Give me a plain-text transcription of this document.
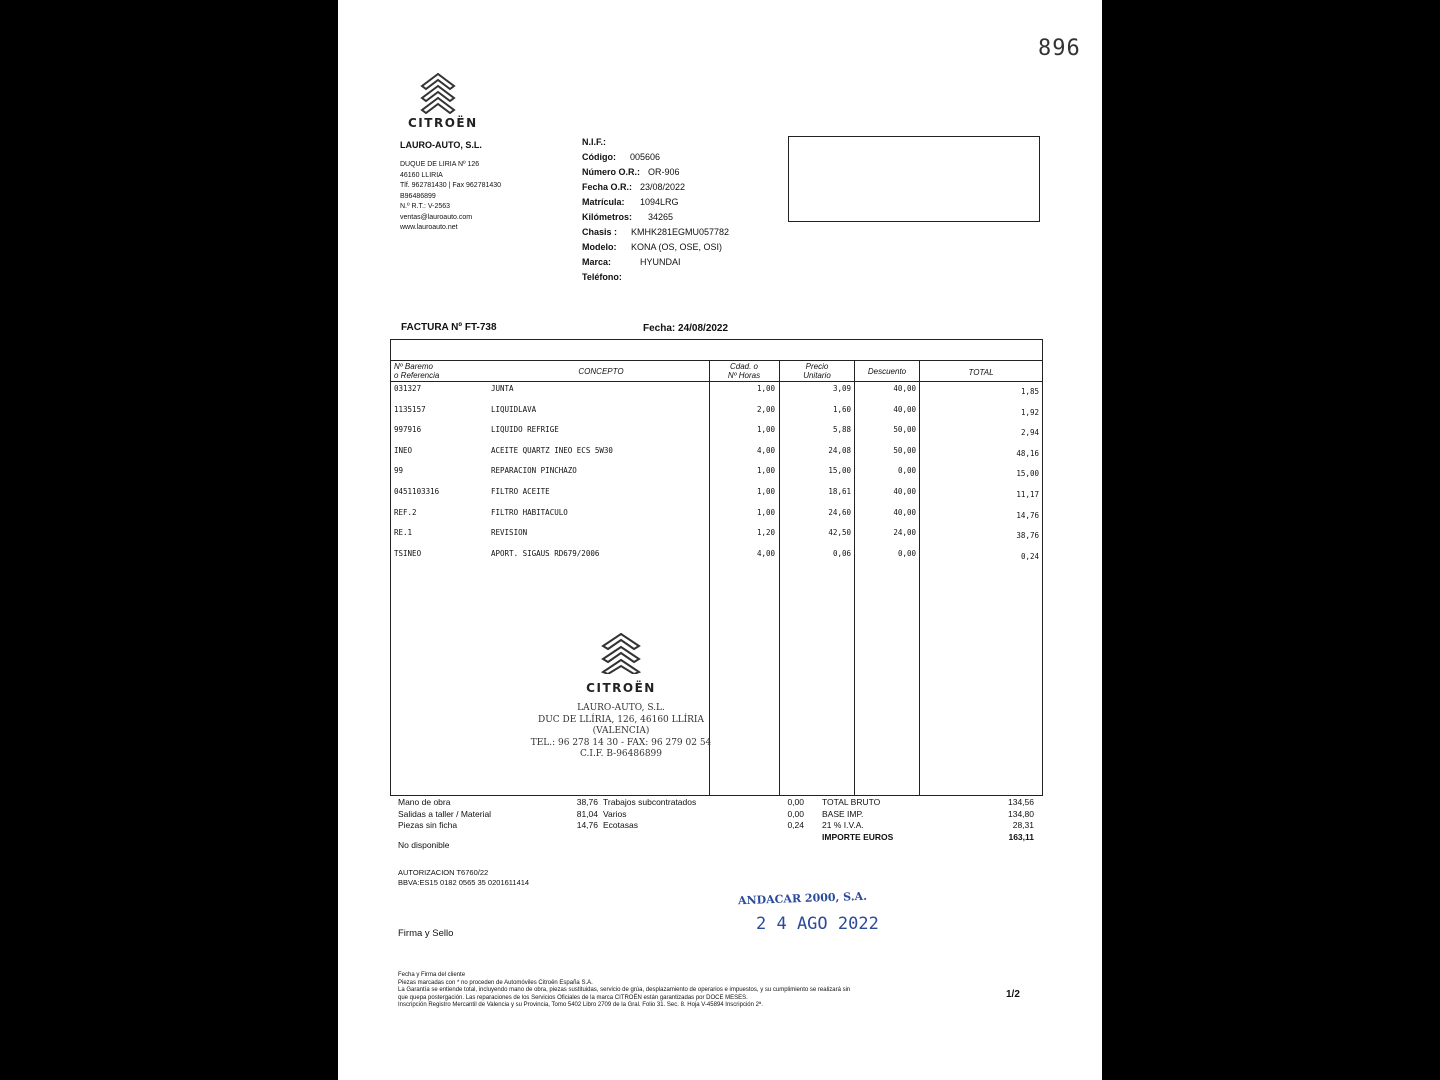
896
CITROËN
LAURO-AUTO, S.L.
DUQUE DE LIRIA Nº 126
46160 LLIRIA
Tlf. 962781430 | Fax 962781430
B96486899
N.º R.T.: V-2563
ventas@lauroauto.com
www.lauroauto.net
N.I.F.:
Código: 005606
Número O.R.: OR-906
Fecha O.R.: 23/08/2022
Matrícula: 1094LRG
Kilómetros: 34265
Chasis : KMHK281EGMU057782
Modelo: KONA (OS, OSE, OSI)
Marca:	HYUNDAI
Teléfono:
FACTURA Nº FT-738	Fecha: 24/08/2022
Nº Baremo
o Referencia	CONCEPTO
Cdad. o
Nº Horas
Precio
Unitario	Descuento	TOTAL
031327	JUNTA	1,00	3,09	40,00	1,85
1135157	LIQUIDLAVA	2,00	1,60	40,00	1,92
997916	LIQUIDO REFRIGE	1,00	5,88	50,00	2,94
INEO	ACEITE QUARTZ INEO ECS 5W30	4,00	24,08	50,00	48,16
99	REPARACION PINCHAZO	1,00	15,00	0,00	15,00
0451103316	FILTRO ACEITE	1,00	18,61	40,00	11,17
REF.2	FILTRO HABITACULO	1,00	24,60	40,00	14,76
RE.1	REVISION	1,20	42,50	24,00	38,76
TSINEO	APORT. SIGAUS RD679/2006	4,00	0,06	0,00	0,24
CITROËN
LAURO-AUTO, S.L.
DUC DE LLÍRIA, 126, 46160 LLÍRIA (VALENCIA)
TEL.: 96 278 14 30 - FAX: 96 279 02 54
C.I.F. B-96486899
Mano de obra	38,76 Trabajos subcontratados	0,00
Salidas a taller / Material	81,04 Varios	0,00
Piezas sin ficha	14,76 Ecotasas	0,24
No disponible
TOTAL BRUTO	134,56
BASE IMP.	134,80
21 % I.V.A.	28,31
IMPORTE EUROS	163,11
AUTORIZACION T6760/22
BBVA:ES15 0182 0565 35 0201611414
ANDACAR 2000, S.A.
2 4 AGO 2022
Firma y Sello
Fecha y Firma del cliente
Piezas marcadas con * no proceden de Automóviles Citroën España S.A.
La Garantía se entiende total, incluyendo mano de obra, piezas sustituidas, servicio de grúa, desplazamiento de operarios e impuestos, y su cumplimiento se realizará sin
que quepa postergación. Las reparaciones de los Servicios Oficiales de la marca CITROËN están garantizadas por DOCE MESES.
Inscripción Registro Mercantil de Valencia y su Provincia, Tomo 5402 Libro 2709 de la Gral. Folio 31. Sec. 8. Hoja V-45894 Inscripción 2ª.
1/2
